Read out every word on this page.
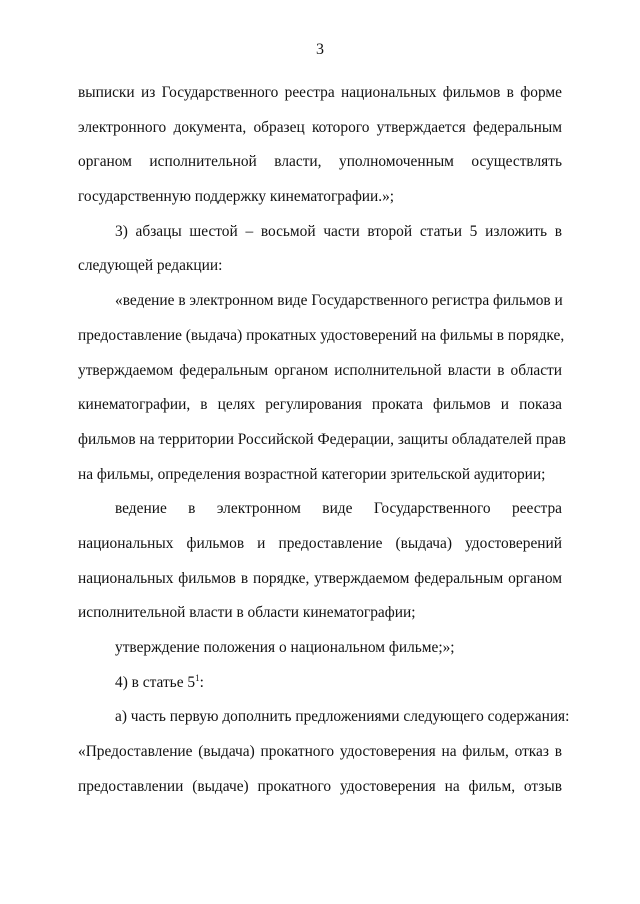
3
выписки из Государственного реестра национальных фильмов в форме
электронного документа, образец которого утверждается федеральным
органом исполнительной власти, уполномоченным осуществлять
государственную поддержку кинематографии.»;
3) абзацы шестой – восьмой части второй статьи 5 изложить в
следующей редакции:
«ведение в электронном виде Государственного регистра фильмов и
предоставление (выдача) прокатных удостоверений на фильмы в порядке,
утверждаемом федеральным органом исполнительной власти в области
кинематографии, в целях регулирования проката фильмов и показа
фильмов на территории Российской Федерации, защиты обладателей прав
на фильмы, определения возрастной категории зрительской аудитории;
ведение в электронном виде Государственного реестра
национальных фильмов и предоставление (выдача) удостоверений
национальных фильмов в порядке, утверждаемом федеральным органом
исполнительной власти в области кинематографии;
утверждение положения о национальном фильме;»;
4) в статье $5^1$:
а) часть первую дополнить предложениями следующего содержания:
«Предоставление (выдача) прокатного удостоверения на фильм, отказ в
предоставлении (выдаче) прокатного удостоверения на фильм, отзыв
